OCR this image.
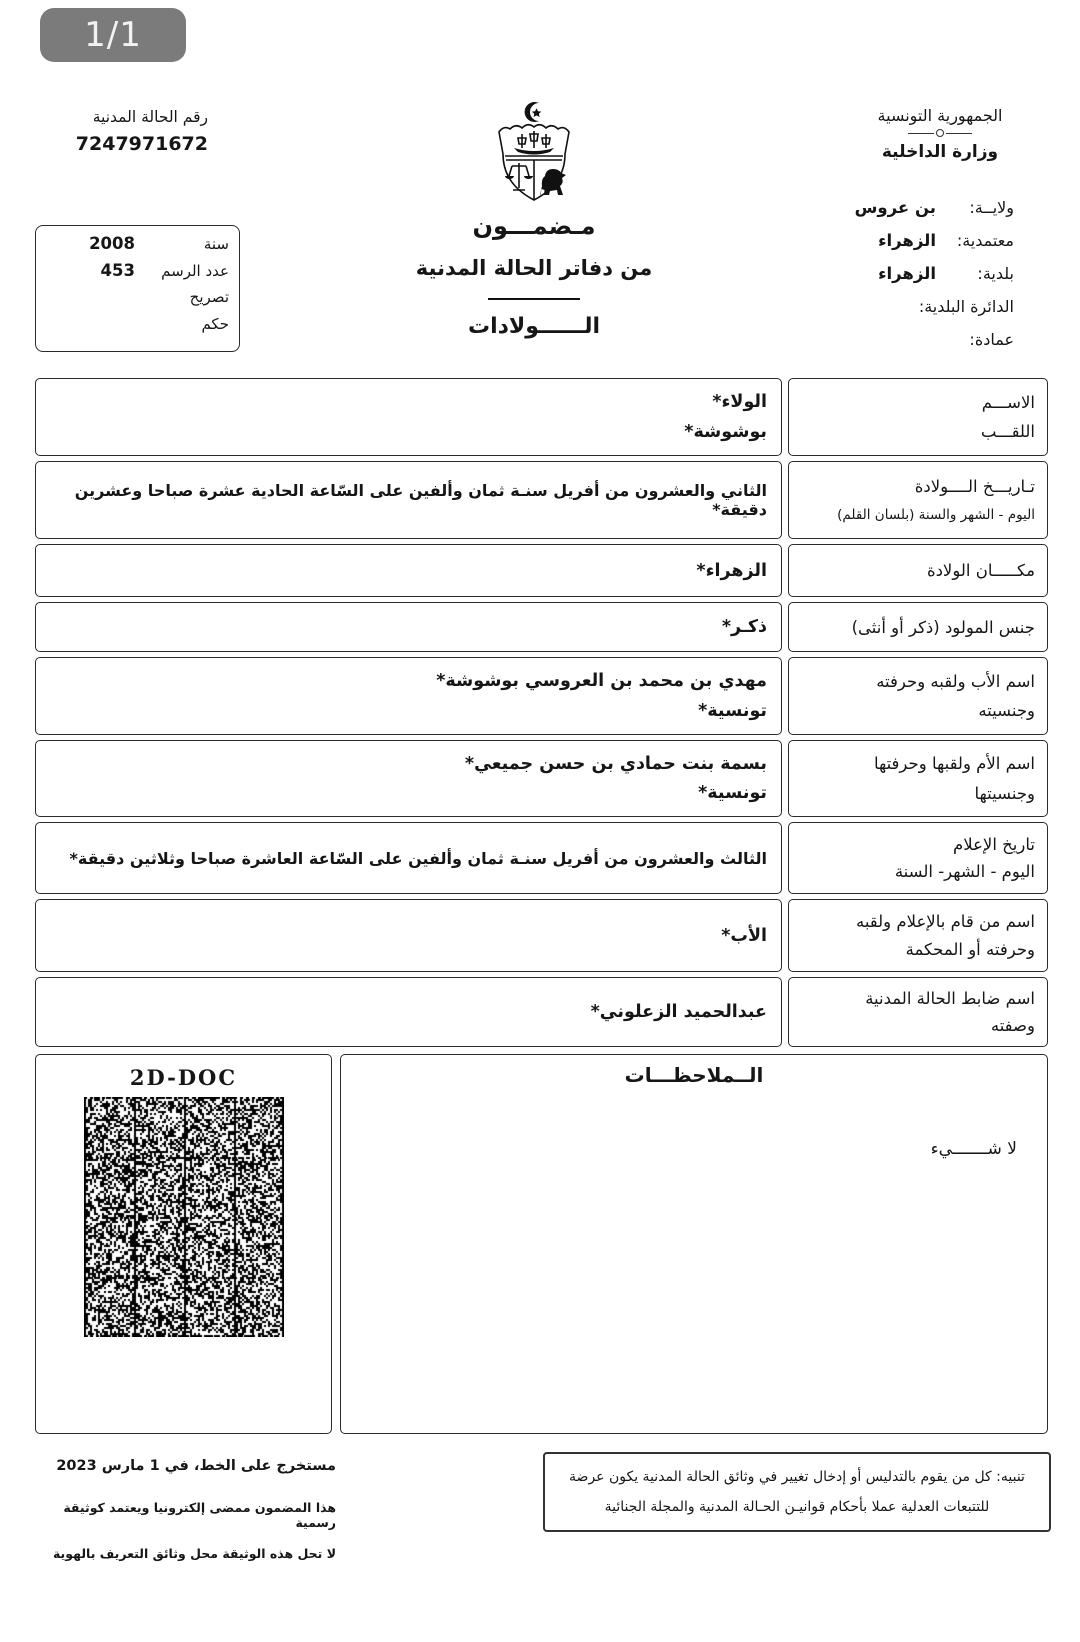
1/1
رقم الحالة المدنية
7247971672
مـضمـــون
من دفاتر الحالة المدنية
الــــــولادات
الجمهورية التونسية
وزارة الداخلية
ولايــة:
بن عروس
معتمدية:
الزهراء
بلدية:
الزهراء
الدائرة البلدية:
عمادة:
سنة
2008
عدد الرسم
453
تصريح
حكم
الاســـم
اللقـــب
الولاء*
بوشوشة*
تـاريـــخ الــــولادة
اليوم - الشهر والسنة (بلسان القلم)
الثاني والعشرون من أفريل سنـة ثمان وألفين على السّاعة الحادية عشرة صباحا وعشرين دقيقة*
مكـــــان الولادة
الزهراء*
جنس المولود (ذكر أو أنثى)
ذكـر*
اسم الأب ولقبه وحرفته
وجنسيته
مهدي بن محمد بن العروسي بوشوشة*
تونسية*
اسم الأم ولقبها وحرفتها
وجنسيتها
بسمة بنت حمادي بن حسن جميعي*
تونسية*
تاريخ الإعلام
اليوم - الشهر- السنة
الثالث والعشرون من أفريل سنـة ثمان وألفين على السّاعة العاشرة صباحا وثلاثين دقيقة*
اسم من قام بالإعلام ولقبه
وحرفته أو المحكمة
الأب*
اسم ضابط الحالة المدنية
وصفته
عبدالحميد الزعلوني*
2D-DOC	الــملاحظـــات
لا شـــــــيء
مستخرج على الخط، في 1 مارس 2023
هذا المضمون ممضى إلكترونيا ويعتمد كوثيقة رسمية
لا تحل هذه الوثيقة محل وثائق التعريف بالهوية
تنبيه: كل من يقوم بالتدليس أو إدخال تغيير في وثائق الحالة المدنية يكون عرضة
للتتبعات العدلية عملا بأحكام قوانيـن الحـالة المدنية والمجلة الجنائية
